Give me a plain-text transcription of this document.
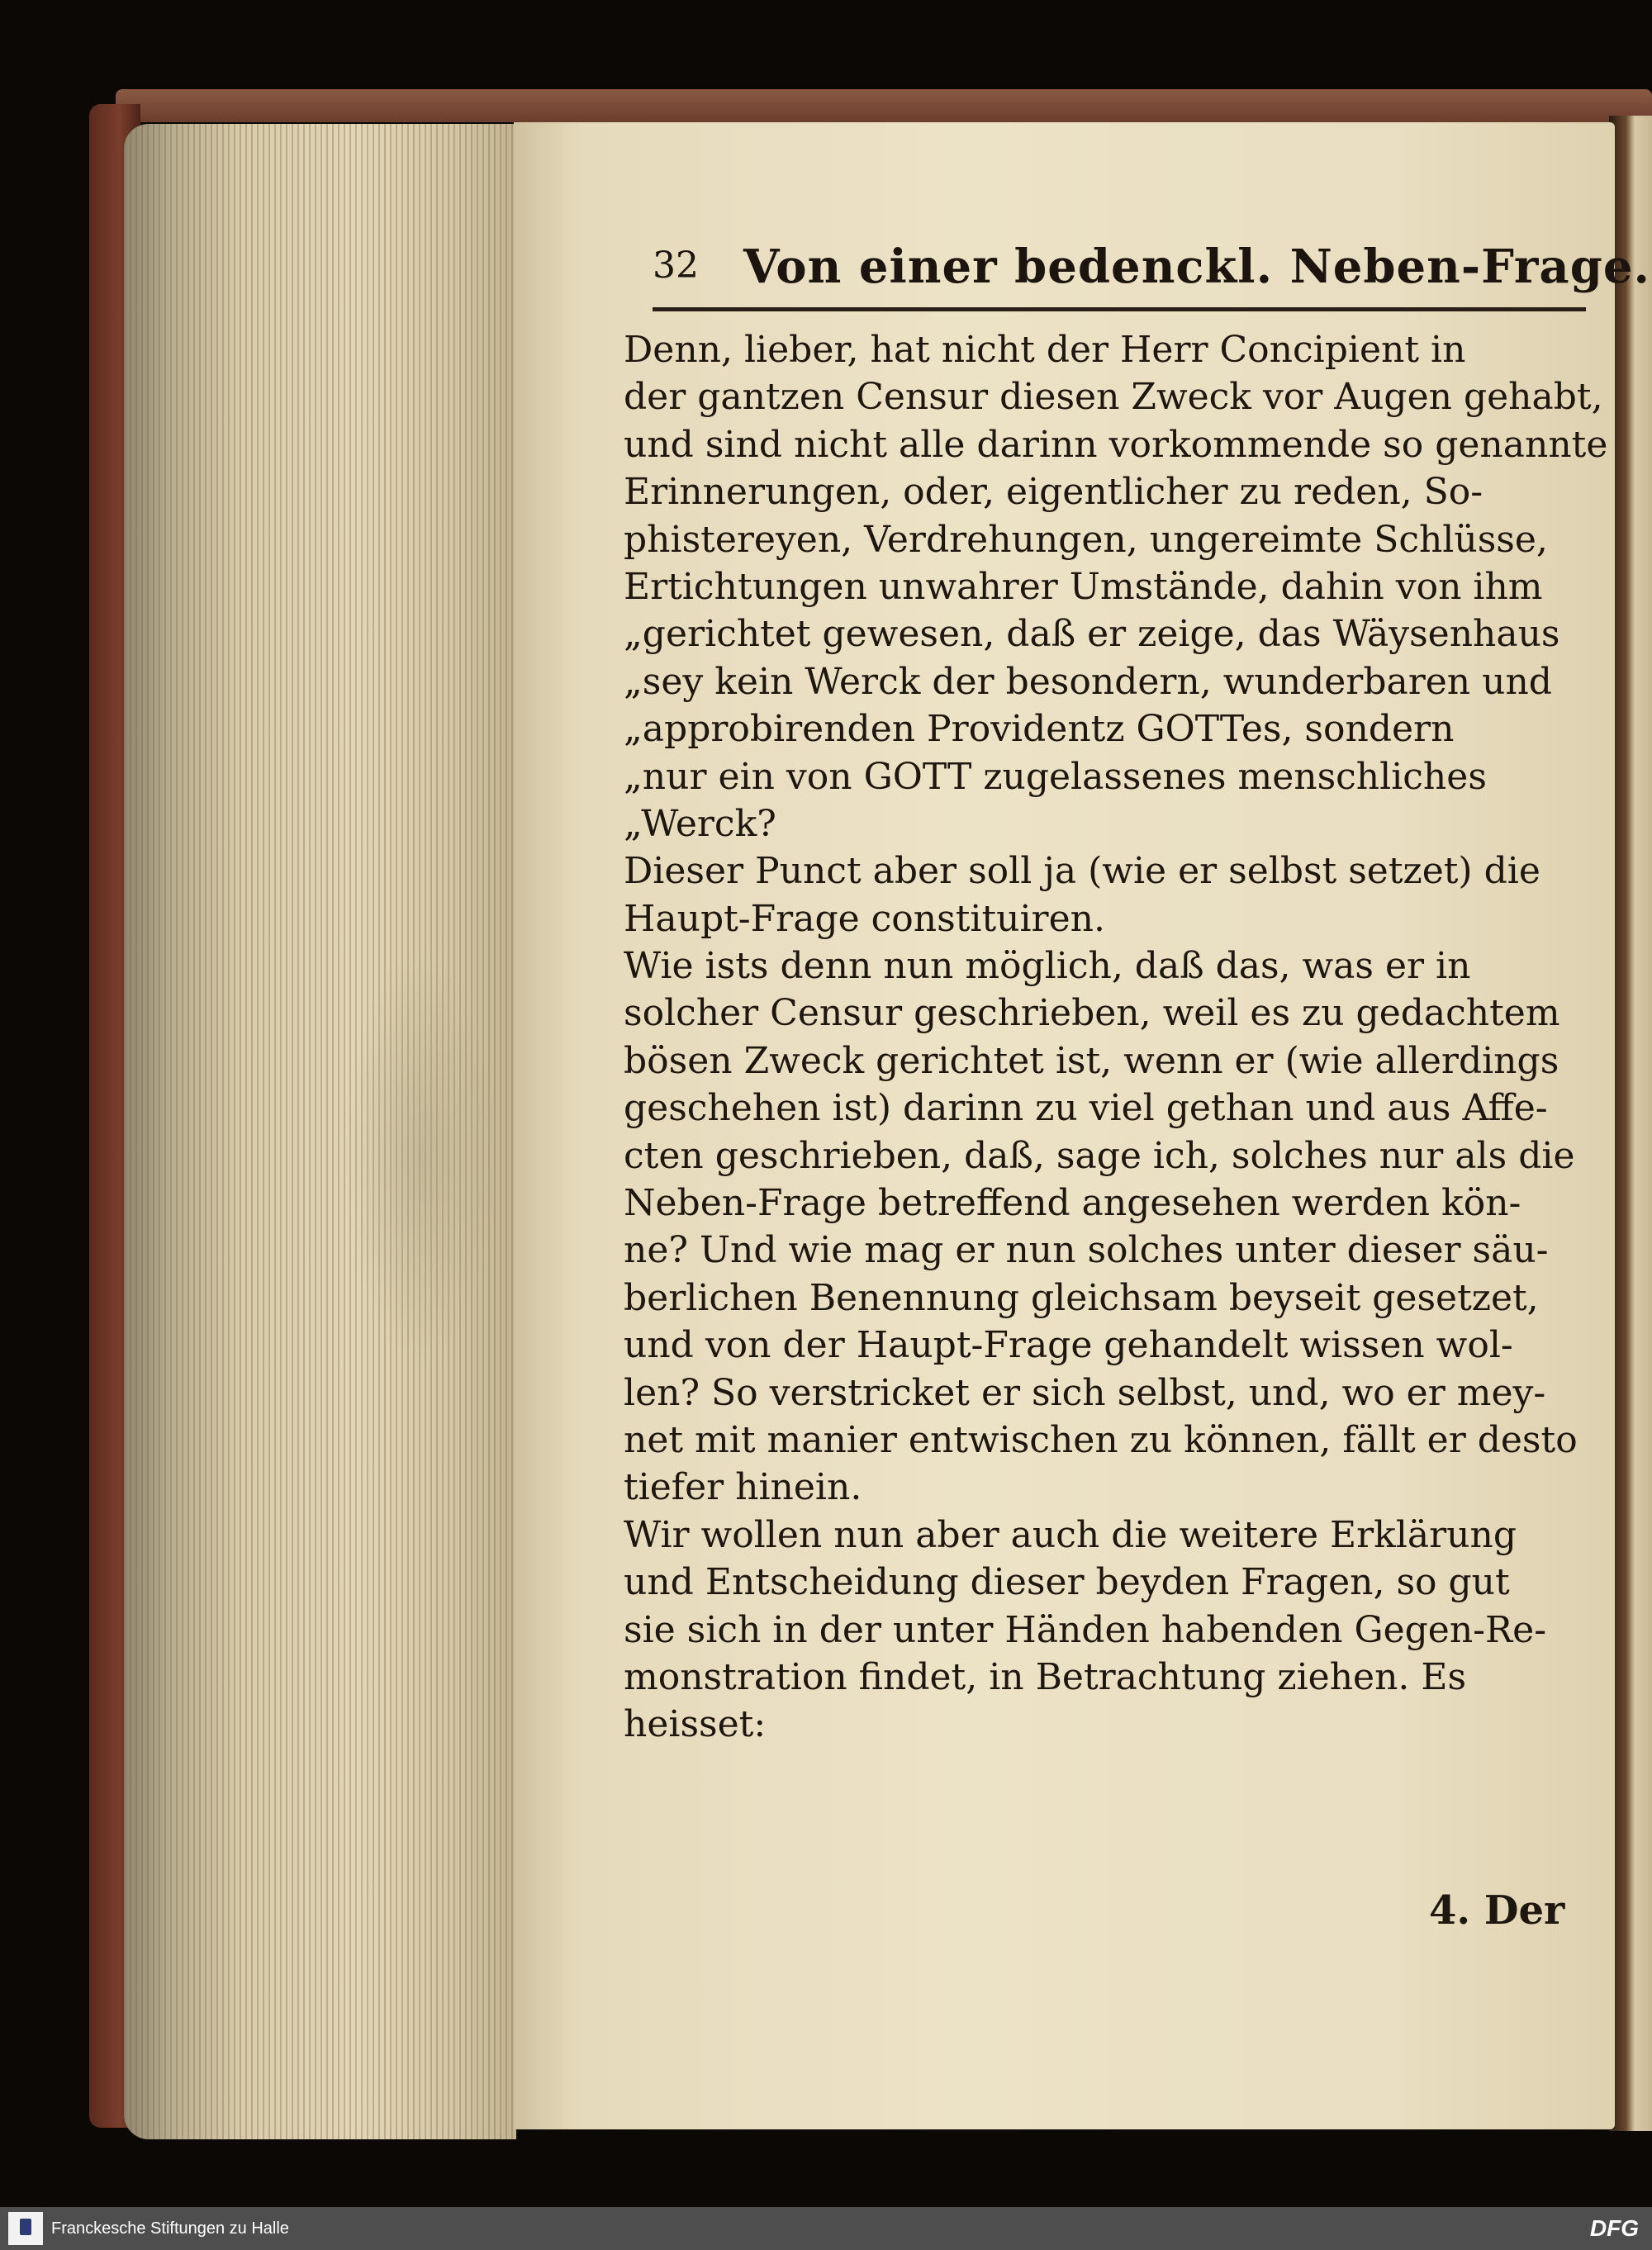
32 Von einer bedenckl. Neben-Frage.
Denn, lieber, hat nicht der Herr Concipient in
der gantzen Censur diesen Zweck vor Augen gehabt,
und sind nicht alle darinn vorkommende so genannte
Erinnerungen, oder, eigentlicher zu reden, So-
phistereyen, Verdrehungen, ungereimte Schlüsse,
Ertichtungen unwahrer Umstände, dahin von ihm
„gerichtet gewesen, daß er zeige, das Wäysenhaus
„sey kein Werck der besondern, wunderbaren und
„approbirenden Providentz GOTTes, sondern
„nur ein von GOTT zugelassenes menschliches
„Werck?
Dieser Punct aber soll ja (wie er selbst setzet) die
Haupt-Frage constituiren.
Wie ists denn nun möglich, daß das, was er in
solcher Censur geschrieben, weil es zu gedachtem
bösen Zweck gerichtet ist, wenn er (wie allerdings
geschehen ist) darinn zu viel gethan und aus Affe-
cten geschrieben, daß, sage ich, solches nur als die
Neben-Frage betreffend angesehen werden kön-
ne? Und wie mag er nun solches unter dieser säu-
berlichen Benennung gleichsam beyseit gesetzet,
und von der Haupt-Frage gehandelt wissen wol-
len? So verstricket er sich selbst, und, wo er mey-
net mit manier entwischen zu können, fällt er desto
tiefer hinein.
Wir wollen nun aber auch die weitere Erklärung
und Entscheidung dieser beyden Fragen, so gut
sie sich in der unter Händen habenden Gegen-Re-
monstration findet, in Betrachtung ziehen. Es
heisset:
4. Der
Franckesche Stiftungen zu Halle	DFG
